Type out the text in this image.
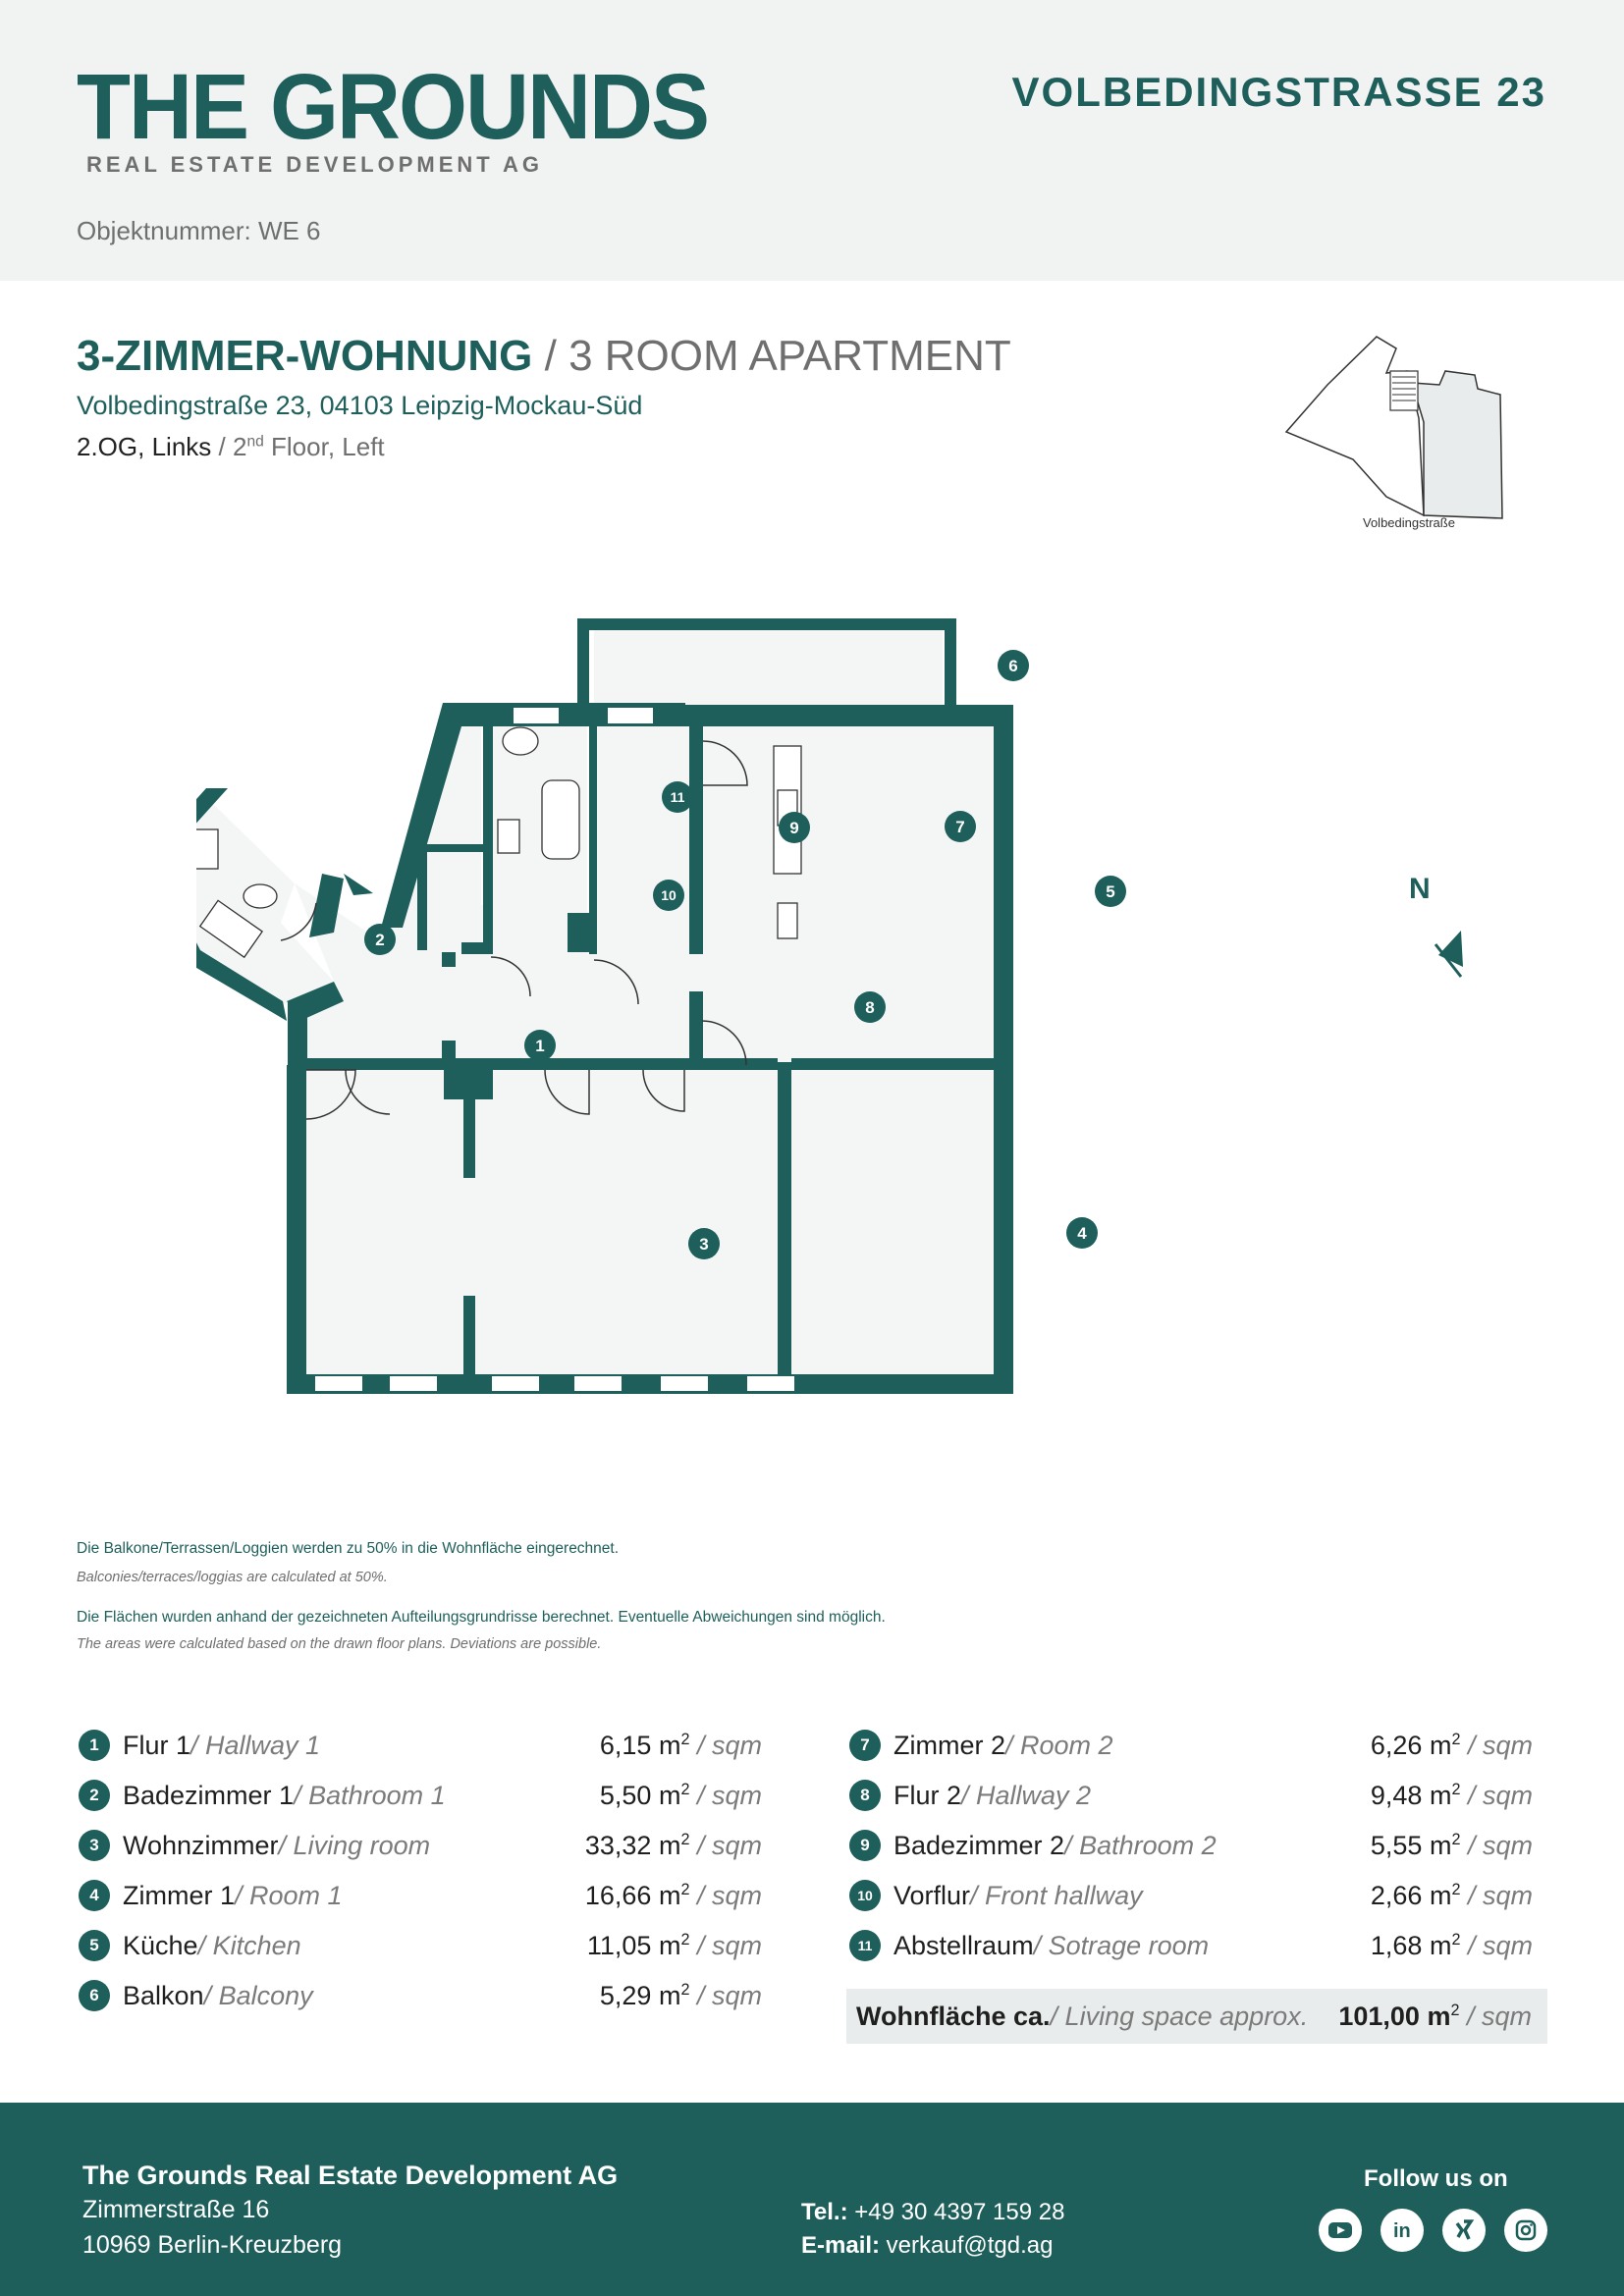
THE GROUNDS
REAL ESTATE DEVELOPMENT AG
VOLBEDINGSTRASSE 23
Objektnummer: WE 6
3-ZIMMER-WOHNUNG / 3 ROOM APARTMENT
Volbedingstraße 23, 04103 Leipzig-Mockau-Süd
2.OG, Links / 2nd Floor, Left
Volbedingstraße
N
1
2
3
4
5
6
7
8
9
10
11
Die Balkone/Terrassen/Loggien werden zu 50% in die Wohnfläche eingerechnet.
Balconies/terraces/loggias are calculated at 50%.
Die Flächen wurden anhand der gezeichneten Aufteilungsgrundrisse berechnet. Eventuelle Abweichungen sind möglich.
The areas were calculated based on the drawn floor plans. Deviations are possible.
1 Flur 1 / Hallway 1	6,15 $m^2$ / sqm
2 Badezimmer 1 / Bathroom 1	5,50 $m^2$ / sqm
3 Wohnzimmer / Living room	33,32 $m^2$ / sqm
4 Zimmer 1 / Room 1	16,66 $m^2$ / sqm
5 Küche / Kitchen	11,05 $m^2$ / sqm
6 Balkon / Balcony	5,29 $m^2$ / sqm
7 Zimmer 2 / Room 2	6,26 $m^2$ / sqm
8 Flur 2 / Hallway 2	9,48 $m^2$ / sqm
9 Badezimmer 2 / Bathroom 2	5,55 $m^2$ / sqm
10 Vorflur / Front hallway	2,66 $m^2$ / sqm
11 Abstellraum / Sotrage room	1,68 $m^2$ / sqm
Wohnfläche ca. / Living space approx. 101,00 $m^2$ / sqm
The Grounds Real Estate Development AG
Zimmerstraße 16
10969 Berlin-Kreuzberg
Tel.: +49 30 4397 159 28
E-mail: verkauf@tgd.ag
Follow us on
in
